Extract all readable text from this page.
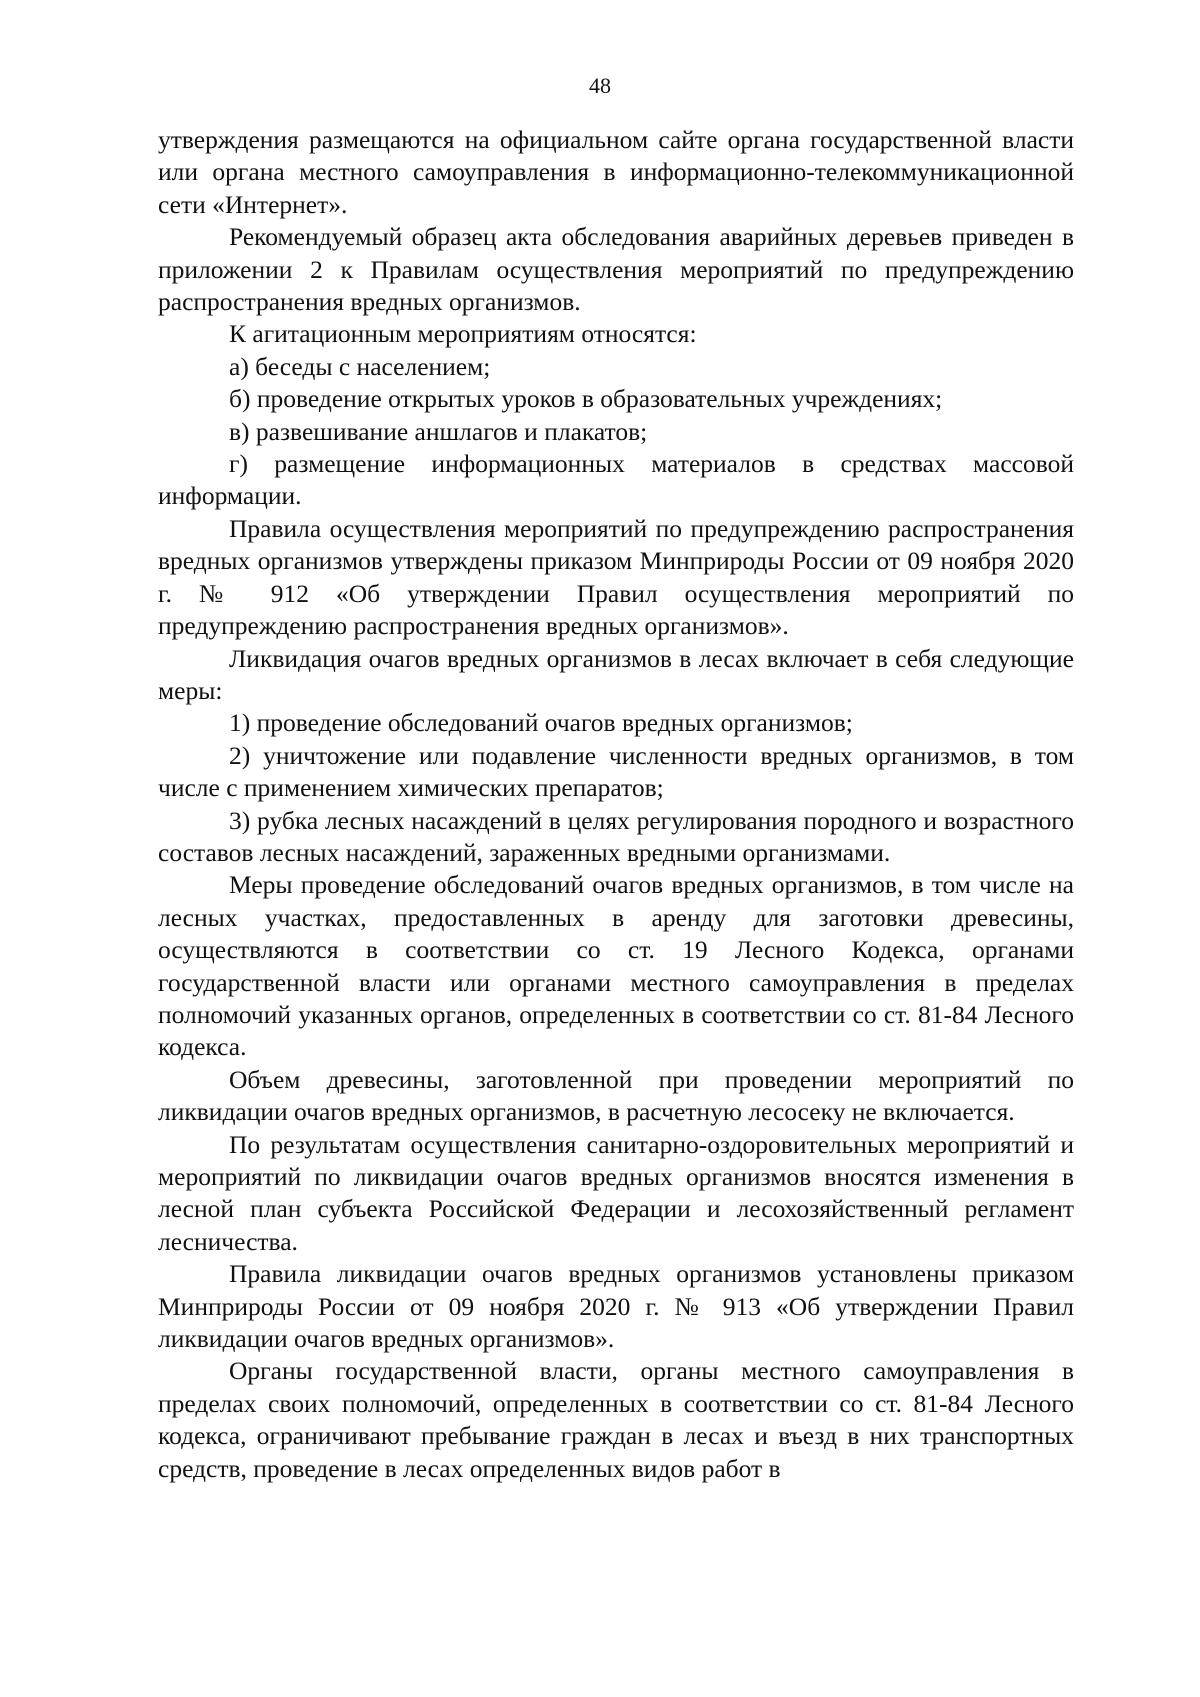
48

утверждения размещаются на официальном сайте органа государственной власти или органа местного самоуправления в информационно-телекоммуникационной сети «Интернет».

Рекомендуемый образец акта обследования аварийных деревьев приведен в приложении 2 к Правилам осуществления мероприятий по предупреждению распространения вредных организмов.

К агитационным мероприятиям относятся:

а) беседы с населением;

б) проведение открытых уроков в образовательных учреждениях;

в) развешивание аншлагов и плакатов;

г) размещение информационных материалов в средствах массовой информации.

Правила осуществления мероприятий по предупреждению распространения вредных организмов утверждены приказом Минприроды России от 09 ноября 2020 г. № 912 «Об утверждении Правил осуществления мероприятий по предупреждению распространения вредных организмов».

Ликвидация очагов вредных организмов в лесах включает в себя следующие меры:

1) проведение обследований очагов вредных организмов;

2) уничтожение или подавление численности вредных организмов, в том числе с применением химических препаратов;

3) рубка лесных насаждений в целях регулирования породного и возрастного составов лесных насаждений, зараженных вредными организмами.

Меры проведение обследований очагов вредных организмов, в том числе на лесных участках, предоставленных в аренду для заготовки древесины, осуществляются в соответствии со ст. 19 Лесного Кодекса, органами государственной власти или органами местного самоуправления в пределах полномочий указанных органов, определенных в соответствии со ст. 81-84 Лесного кодекса.

Объем древесины, заготовленной при проведении мероприятий по ликвидации очагов вредных организмов, в расчетную лесосеку не включается.

По результатам осуществления санитарно-оздоровительных мероприятий и мероприятий по ликвидации очагов вредных организмов вносятся изменения в лесной план субъекта Российской Федерации и лесохозяйственный регламент лесничества.

Правила ликвидации очагов вредных организмов установлены приказом Минприроды России от 09 ноября 2020 г. № 913 «Об утверждении Правил ликвидации очагов вредных организмов».

Органы государственной власти, органы местного самоуправления в пределах своих полномочий, определенных в соответствии со ст. 81-84 Лесного кодекса, ограничивают пребывание граждан в лесах и въезд в них транспортных средств, проведение в лесах определенных видов работ в
